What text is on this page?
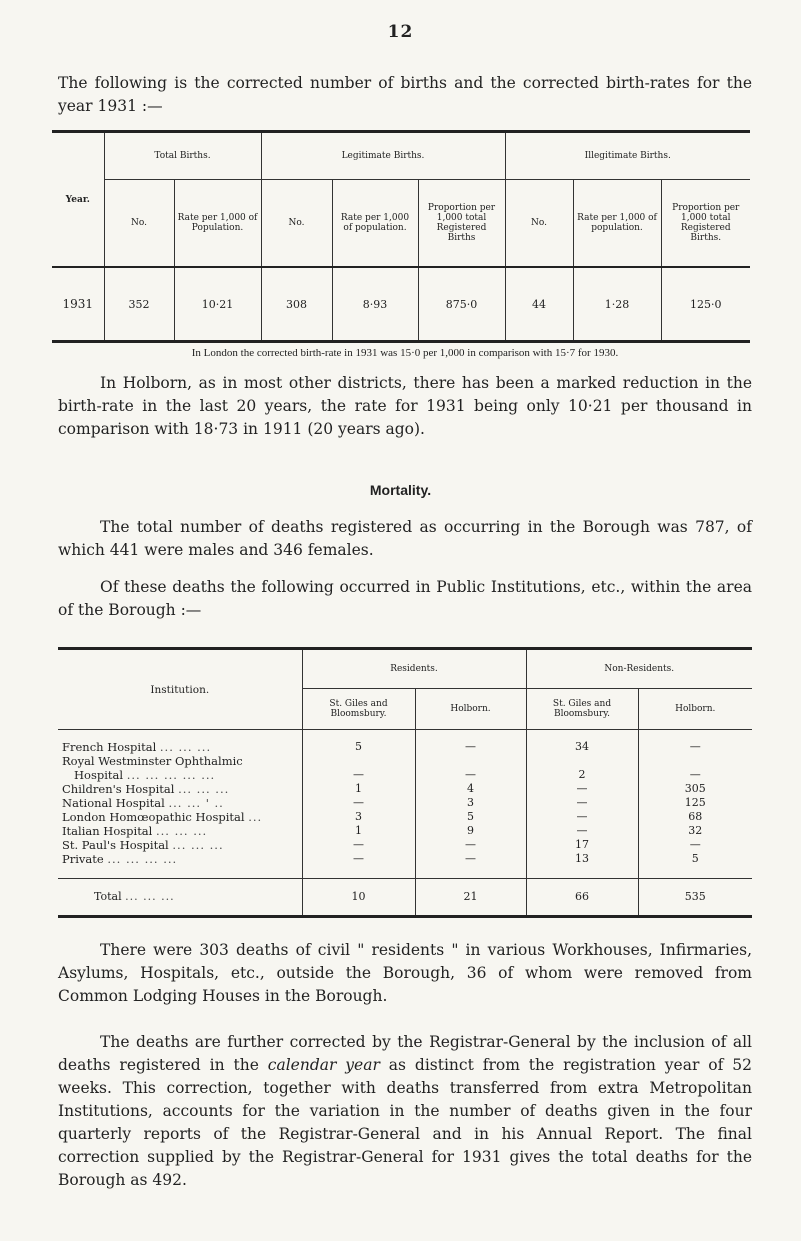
12

The following is the corrected number of births and the corrected birth-rates for the year 1931 :—

Year.	Total Births.		Legitimate Births.			Illegitimate Births.		
	No.	Rate per 1,000 of Population.	No.	Rate per 1,000 of population.	Proportion per 1,000 total Registered Births	No.	Rate per 1,000 of population.	Proportion per 1,000 total Registered Births.
1931	352	10·21	308	8·93	875·0	44	1·28	125·0
In London the corrected birth-rate in 1931 was 15·0 per 1,000 in comparison with 15·7 for 1930.

In Holborn, as in most other districts, there has been a marked reduction in the birth-rate in the last 20 years, the rate for 1931 being only 10·21 per thousand in comparison with 18·73 in 1911 (20 years ago).

Mortality.

The total number of deaths registered as occurring in the Borough was 787, of which 441 were males and 346 females.

Of these deaths the following occurred in Public Institutions, etc., within the area of the Borough :—

Institution.	Residents.		Non-Residents.	
	St. Giles and Bloomsbury.	Holborn.	St. Giles and Bloomsbury.	Holborn.
French Hospital ... ... ...	5	—	34	—
Royal Westminster Ophthalmic				
Hospital ... ... ... ... ...	—	—	2	—
Children's Hospital ... ... ...	1	4	—	305
National Hospital ... ... ' ..	—	3	—	125
London Homœopathic Hospital ...	3	5	—	68
Italian Hospital ... ... ...	1	9	—	32
St. Paul's Hospital ... ... ...	—	—	17	—
Private ... ... ... ...	—	—	13	5
Total ... ... ...	10	21	66	535

There were 303 deaths of civil " residents " in various Workhouses, Infirmaries, Asylums, Hospitals, etc., outside the Borough, 36 of whom were removed from Common Lodging Houses in the Borough.

The deaths are further corrected by the Registrar-General by the inclusion of all deaths registered in the calendar year as distinct from the registration year of 52 weeks. This correction, together with deaths transferred from extra Metropolitan Institutions, accounts for the variation in the number of deaths given in the four quarterly reports of the Registrar-General and in his Annual Report. The final correction supplied by the Registrar-General for 1931 gives the total deaths for the Borough as 492.
